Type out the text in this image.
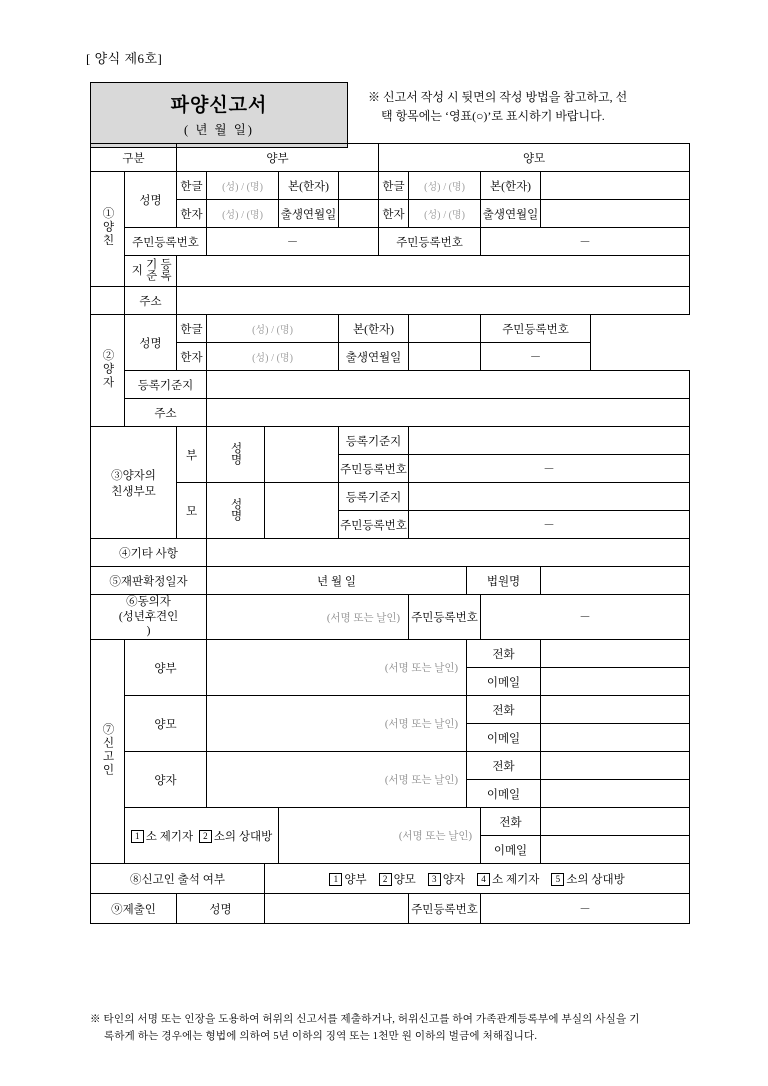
[ 양식 제6호]
파양신고서
( 년 월 일)
※ 신고서 작성 시 뒷면의 작성 방법을 참고하고, 선
택 항목에는 ‘영표(○)’로 표시하기 바랍니다.
구분		양부					양모				
①양친	성명	한글	(성) / (명)		본(한자)		한글	(성) / (명)		본(한자)	
		한자	(성) / (명)		출생연월일		한자	(성) / (명)		출생연월일	
	주민등록번호		－				주민등록번호			－	
	등록기준지										
	주소										
②양자	성명	한글	(성) / (명)			본(한자)				주민등록번호	
		한자	(성) / (명)			출생연월일				－	
	등록기준지										
	주소										

③양자의
친생부모		부	성명			등록기준지					
						주민등록번호		－			
		모	성명			등록기준지					
						주민등록번호		－			
④기타 사항											
⑤재판확정일자			년 월 일						법원명		

⑥동의자
(성년후견인
)			(서명 또는 날인)					주민등록번호		－	
⑦신고인	양부		(서명 또는 날인)						전화		
									이메일		
	양모		(서명 또는 날인)						전화		
									이메일		
	양자		(서명 또는 날인)						전화		
									이메일		
	1 소 제기자 2 소의 상대방				(서명 또는 날인)					전화	
										이메일	
⑧신고인 출석 여부				1 양부 2 양모 3 양자 4 소 제기자 5 소의 상대방							
⑨제출인		성명						주민등록번호		－	
※ 타인의 서명 또는 인장을 도용하여 허위의 신고서를 제출하거나, 허위신고를 하여 가족관계등록부에 부실의 사실을 기
록하게 하는 경우에는 형법에 의하여 5년 이하의 징역 또는 1천만 원 이하의 벌금에 처해집니다.
